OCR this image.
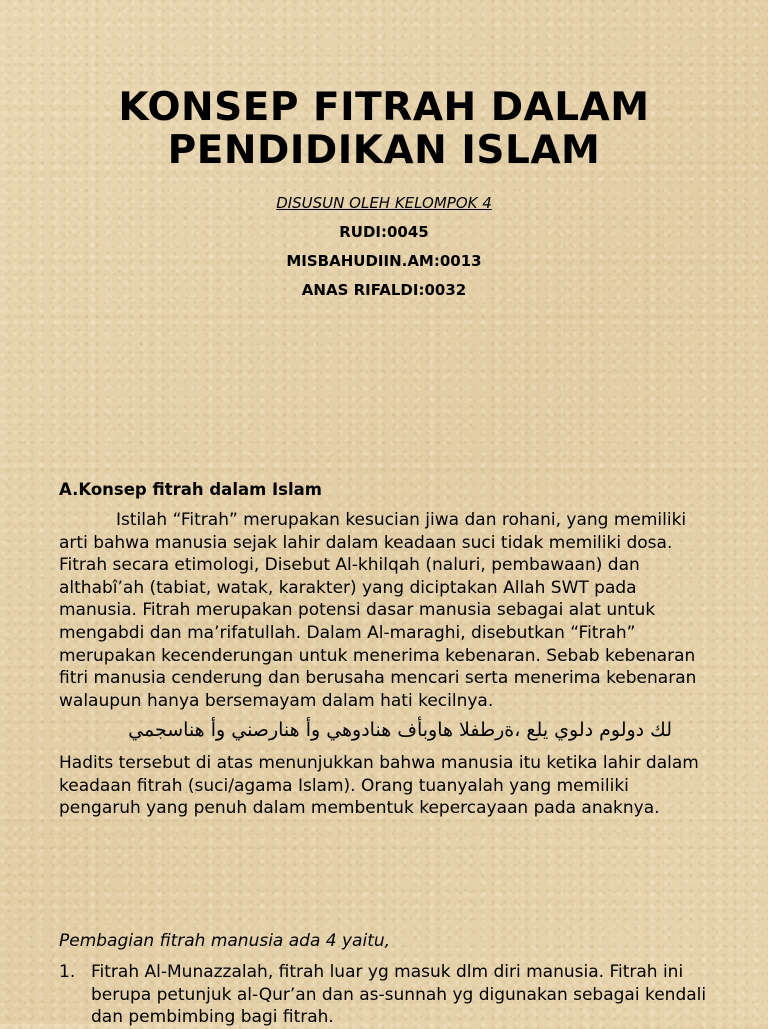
KONSEP FITRAH DALAM PENDIDIKAN ISLAM

DISUSUN OLEH KELOMPOK 4

RUDI:0045

MISBAHUDIIN.AM:0013

ANAS RIFALDI:0032

A.Konsep fitrah dalam Islam

Istilah “Fitrah” merupakan kesucian jiwa dan rohani, yang memiliki arti bahwa manusia sejak lahir dalam keadaan suci tidak memiliki dosa. Fitrah secara etimologi, Disebut Al-khilqah (naluri, pembawaan) dan althabî’ah (tabiat, watak, karakter) yang diciptakan Allah SWT pada manusia. Fitrah merupakan potensi dasar manusia sebagai alat untuk mengabdi dan ma’rifatullah. Dalam Al-maraghi, disebutkan “Fitrah” merupakan kecenderungan untuk menerima kebenaran. Sebab kebenaran fitri manusia cenderung dan berusaha mencari serta menerima kebenaran walaupun hanya bersemayam dalam hati kecilnya.

لك دولوم دلوي يلع ،ةرطفلا هاوبأف هنادوهي وأ هنارصني وأ هناسجمي

Hadits tersebut di atas menunjukkan bahwa manusia itu ketika lahir dalam keadaan fitrah (suci/agama Islam). Orang tuanyalah yang memiliki pengaruh yang penuh dalam membentuk kepercayaan pada anaknya.

Pembagian fitrah manusia ada 4 yaitu,

1. Fitrah Al-Munazzalah, fitrah luar yg masuk dlm diri manusia. Fitrah ini berupa petunjuk al-Qur’an dan as-sunnah yg digunakan sebagai kendali dan pembimbing bagi fitrah.
